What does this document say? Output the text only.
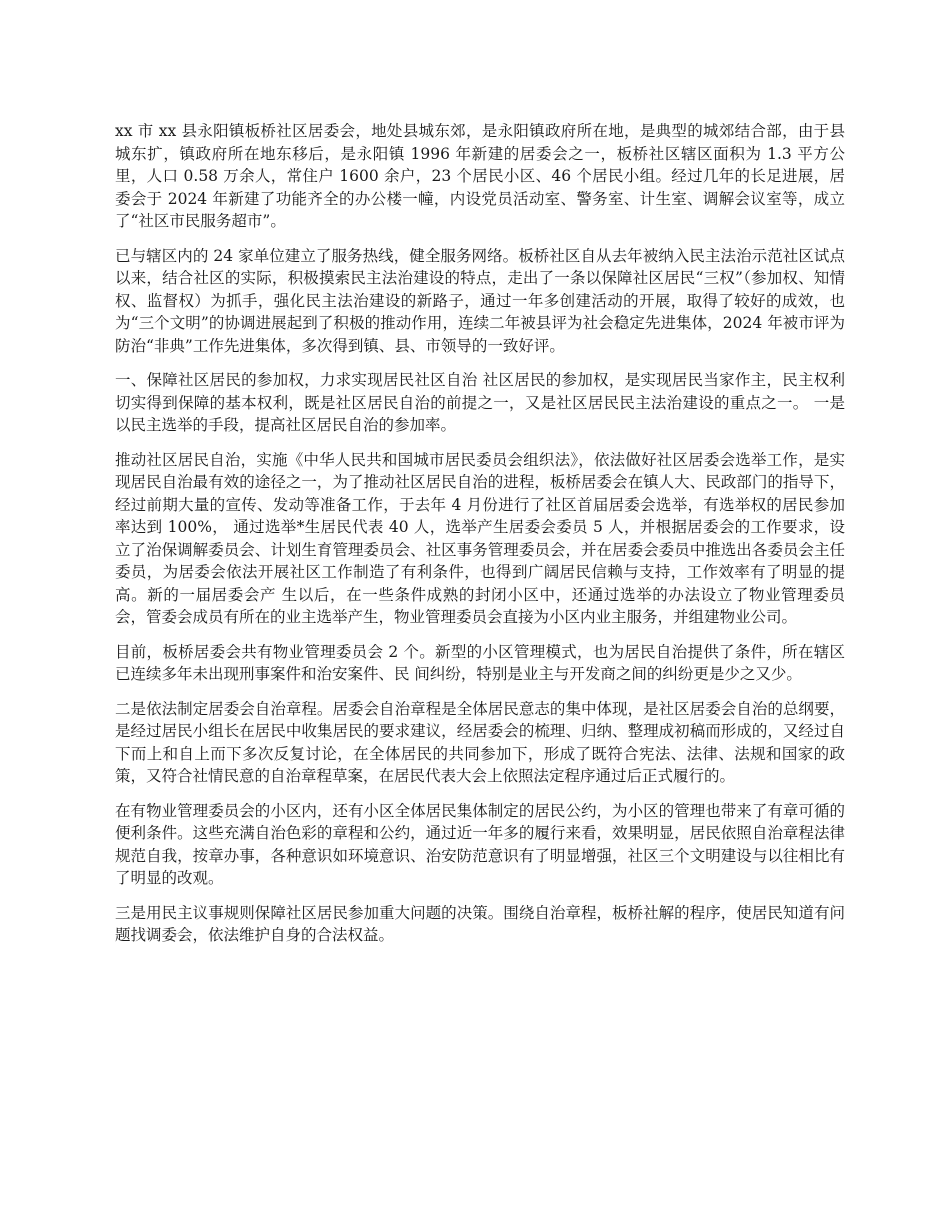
xx 市 xx 县永阳镇板桥社区居委会，地处县城东郊，是永阳镇政府所在地，是典型的城郊结合部，由于县城东扩，镇政府所在地东移后，是永阳镇 1996 年新建的居委会之一，板桥社区辖区面积为 1.3 平方公里，人口 0.58 万余人，常住户 1600 余户，23 个居民小区、46 个居民小组。经过几年的长足进展，居委会于 2024 年新建了功能齐全的办公楼一幢，内设党员活动室、警务室、计生室、调解会议室等，成立了“社区市民服务超市”。

已与辖区内的 24 家单位建立了服务热线，健全服务网络。板桥社区自从去年被纳入民主法治示范社区试点以来，结合社区的实际，积极摸索民主法治建设的特点，走出了一条以保障社区居民“三权”（参加权、知情权、监督权）为抓手，强化民主法治建设的新路子，通过一年多创建活动的开展，取得了较好的成效，也为“三个文明”的协调进展起到了积极的推动作用，连续二年被县评为社会稳定先进集体，2024 年被市评为防治“非典”工作先进集体，多次得到镇、县、市领导的一致好评。

一、保障社区居民的参加权，力求实现居民社区自治 社区居民的参加权，是实现居民当家作主，民主权利切实得到保障的基本权利，既是社区居民自治的前提之一，又是社区居民民主法治建设的重点之一。 一是以民主选举的手段，提高社区居民自治的参加率。

推动社区居民自治，实施《中华人民共和国城市居民委员会组织法》，依法做好社区居委会选举工作，是实现居民自治最有效的途径之一，为了推动社区居民自治的进程，板桥居委会在镇人大、民政部门的指导下，经过前期大量的宣传、发动等准备工作，于去年 4 月份进行了社区首届居委会选举，有选举权的居民参加率达到 100%， 通过选举*生居民代表 40 人，选举产生居委会委员 5 人，并根据居委会的工作要求，设立了治保调解委员会、计划生育管理委员会、社区事务管理委员会，并在居委会委员中推选出各委员会主任委员，为居委会依法开展社区工作制造了有利条件，也得到广阔居民信赖与支持，工作效率有了明显的提高。新的一届居委会产 生以后，在一些条件成熟的封闭小区中，还通过选举的办法设立了物业管理委员会，管委会成员有所在的业主选举产生，物业管理委员会直接为小区内业主服务，并组建物业公司。

目前，板桥居委会共有物业管理委员会 2 个。新型的小区管理模式，也为居民自治提供了条件，所在辖区已连续多年未出现刑事案件和治安案件、民 间纠纷，特别是业主与开发商之间的纠纷更是少之又少。

二是依法制定居委会自治章程。居委会自治章程是全体居民意志的集中体现，是社区居委会自治的总纲要，是经过居民小组长在居民中收集居民的要求建议，经居委会的梳理、归纳、整理成初稿而形成的，又经过自下而上和自上而下多次反复讨论，在全体居民的共同参加下，形成了既符合宪法、法律、法规和国家的政策，又符合社情民意的自治章程草案，在居民代表大会上依照法定程序通过后正式履行的。

在有物业管理委员会的小区内，还有小区全体居民集体制定的居民公约，为小区的管理也带来了有章可循的便利条件。这些充满自治色彩的章程和公约，通过近一年多的履行来看，效果明显，居民依照自治章程法律规范自我，按章办事，各种意识如环境意识、治安防范意识有了明显增强，社区三个文明建设与以往相比有了明显的改观。

三是用民主议事规则保障社区居民参加重大问题的决策。围绕自治章程，板桥社解的程序，使居民知道有问题找调委会，依法维护自身的合法权益。
